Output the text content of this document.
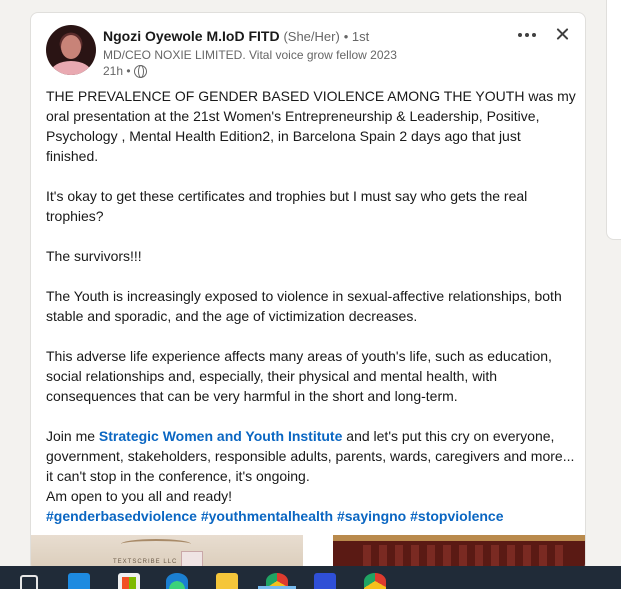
Ngozi Oyewole M.IoD FITD (She/Her) • 1st
MD/CEO NOXIE LIMITED. Vital voice grow fellow 2023
21h •

THE PREVALENCE OF GENDER BASED VIOLENCE AMONG THE YOUTH was my oral presentation at the 21st Women's Entrepreneurship & Leadership, Positive, Psychology , Mental Health Edition2, in Barcelona Spain 2 days ago that just finished.

It's okay to get these certificates and trophies but I must say who gets the real trophies?

The survivors!!!

The Youth is increasingly exposed to violence in sexual-affective relationships, both stable and sporadic, and the age of victimization decreases.

This adverse life experience affects many areas of youth's life, such as education, social relationships and, especially, their physical and mental health, with consequences that can be very harmful in the short and long-term.

Join me Strategic Women and Youth Institute and let's put this cry on everyone, government, stakeholders, responsible adults, parents, wards, caregivers and more... it can't stop in the conference, it's ongoing.

Am open to you all and ready!

#genderbasedviolence #youthmentalhealth #sayingno #stopviolence

TEXTSCRIBE LLC
